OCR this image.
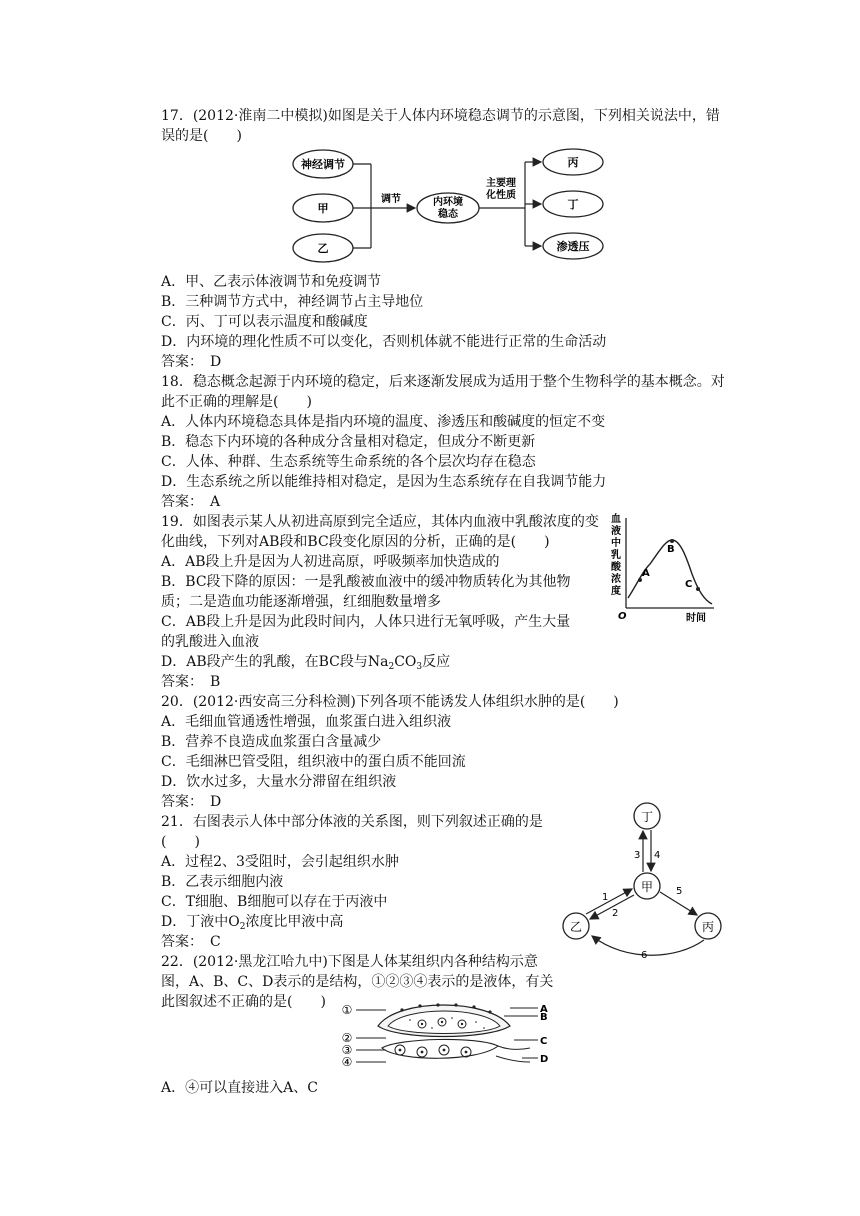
17．(2012·淮南二中模拟)如图是关于人体内环境稳态调节的示意图，下列相关说法中，错
误的是(　　)
神经调节
甲
乙
调节	内环境
稳态
主要理
化性质
丙
丁
渗透压
A．甲、乙表示体液调节和免疫调节
B．三种调节方式中，神经调节占主导地位
C．丙、丁可以表示温度和酸碱度
D．内环境的理化性质不可以变化，否则机体就不能进行正常的生命活动
答案：　D
18．稳态概念起源于内环境的稳定，后来逐渐发展成为适用于整个生物科学的基本概念。对
此不正确的理解是(　　)
A．人体内环境稳态具体是指内环境的温度、渗透压和酸碱度的恒定不变
B．稳态下内环境的各种成分含量相对稳定，但成分不断更新
C．人体、种群、生态系统等生命系统的各个层次均存在稳态
D．生态系统之所以能维持相对稳定，是因为生态系统存在自我调节能力
答案：　A
19．如图表示某人从初进高原到完全适应，其体内血液中乳酸浓度的变
化曲线，下列对AB段和BC段变化原因的分析，正确的是(　　)
A．AB段上升是因为人初进高原，呼吸频率加快造成的
B．BC段下降的原因：一是乳酸被血液中的缓冲物质转化为其他物
质；二是造血功能逐渐增强，红细胞数量增多
C．AB段上升是因为此段时间内，人体只进行无氧呼吸，产生大量
的乳酸进入血液
D．AB段产生的乳酸，在BC段与$Na_2CO_3$反应
答案：　B
血
液
中
乳
酸
浓
度
A
B
C
O	时间
20．(2012·西安高三分科检测)下列各项不能诱发人体组织水肿的是(　　)
A．毛细血管通透性增强，血浆蛋白进入组织液
B．营养不良造成血浆蛋白含量减少
C．毛细淋巴管受阻，组织液中的蛋白质不能回流
D．饮水过多，大量水分滞留在组织液
答案：　D
21．右图表示人体中部分体液的关系图，则下列叙述正确的是
(　　)
A．过程2、3受阻时，会引起组织水肿
B．乙表示细胞内液
C．T细胞、B细胞可以存在于丙液中
D．丁液中$O_2$浓度比甲液中高
答案：　C
丁
甲
乙	丙
3 4
1
2
5
6
22．(2012·黑龙江哈九中)下图是人体某组织内各种结构示意
图，A、B、C、D表示的是结构，①②③④表示的是液体，有关
此图叙述不正确的是(　　) ①
②
③
④
A
B
C
D
A．④可以直接进入A、C
